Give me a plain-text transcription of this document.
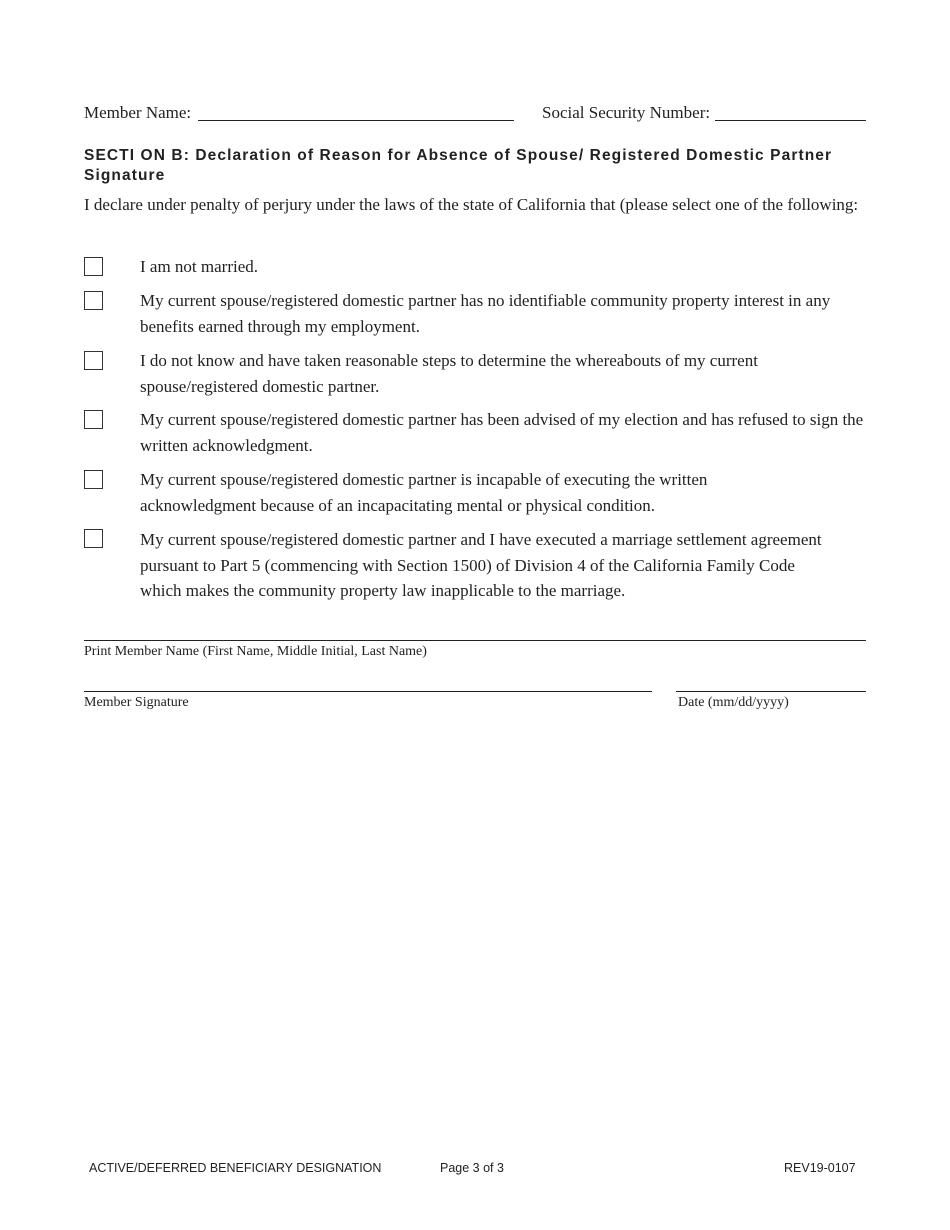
Member Name:	Social Security Number:
SECTI ON B: Declaration of Reason for Absence of Spouse/ Registered Domestic Partner Signature
I declare under penalty of perjury under the laws of the state of California that (please select one of the following:
I am not married.
My current spouse/registered domestic partner has no identifiable community property interest in any benefits earned through my employment.
I do not know and have taken reasonable steps to determine the whereabouts of my current spouse/registered domestic partner.
My current spouse/registered domestic partner has been advised of my election and has refused to sign the written acknowledgment.
My current spouse/registered domestic partner is incapable of executing the written acknowledgment because of an incapacitating mental or physical condition.
My current spouse/registered domestic partner and I have executed a marriage settlement agreement pursuant to Part 5 (commencing with Section 1500) of Division 4 of the California Family Code which makes the community property law inapplicable to the marriage.
Print Member Name (First Name, Middle Initial, Last Name)
Member Signature	Date (mm/dd/yyyy)
ACTIVE/DEFERRED BENEFICIARY DESIGNATION	Page 3 of 3	REV19-0107
